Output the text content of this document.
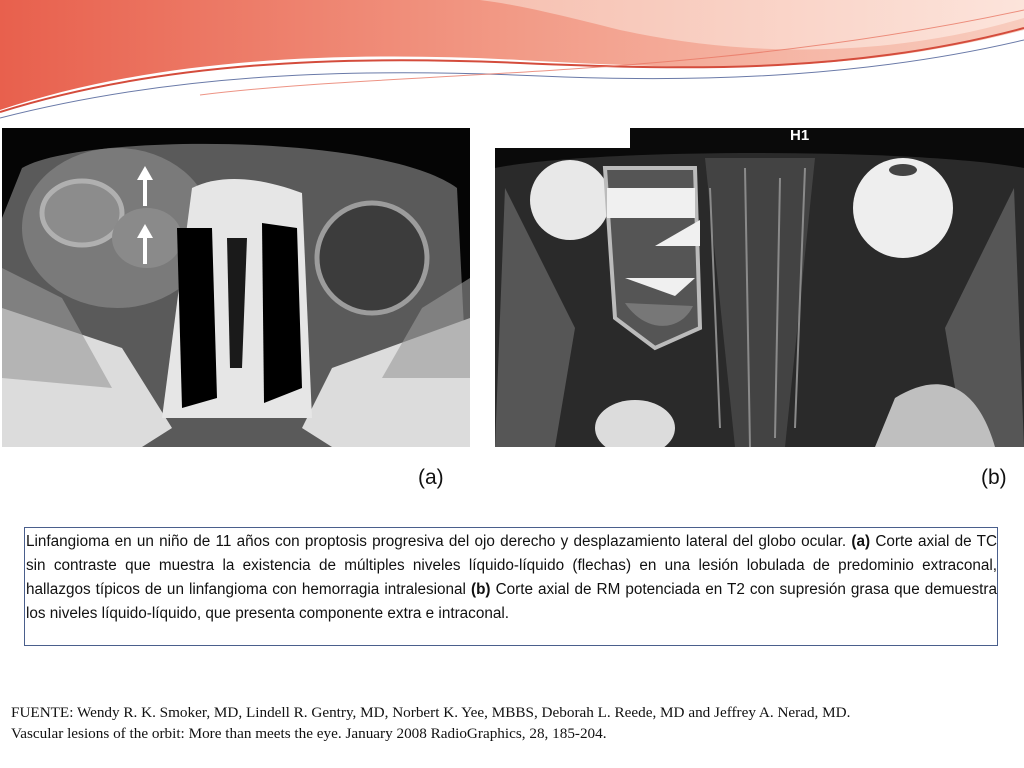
H1
(a)	(b)
Linfangioma en un niño de 11 años con proptosis progresiva del ojo derecho y desplazamiento lateral del globo ocular. (a) Corte axial de TC sin contraste que muestra la existencia de múltiples niveles líquido-líquido (flechas) en una lesión lobulada de predominio extraconal, hallazgos típicos de un linfangioma con hemorragia intralesional (b) Corte axial de RM potenciada en T2 con supresión grasa que demuestra los niveles líquido-líquido, que presenta componente extra e intraconal.
FUENTE: Wendy R. K. Smoker, MD, Lindell R. Gentry, MD, Norbert K. Yee, MBBS, Deborah L. Reede, MD and Jeffrey A. Nerad, MD.
Vascular lesions of the orbit: More than meets the eye. January 2008 RadioGraphics, 28, 185-204.
